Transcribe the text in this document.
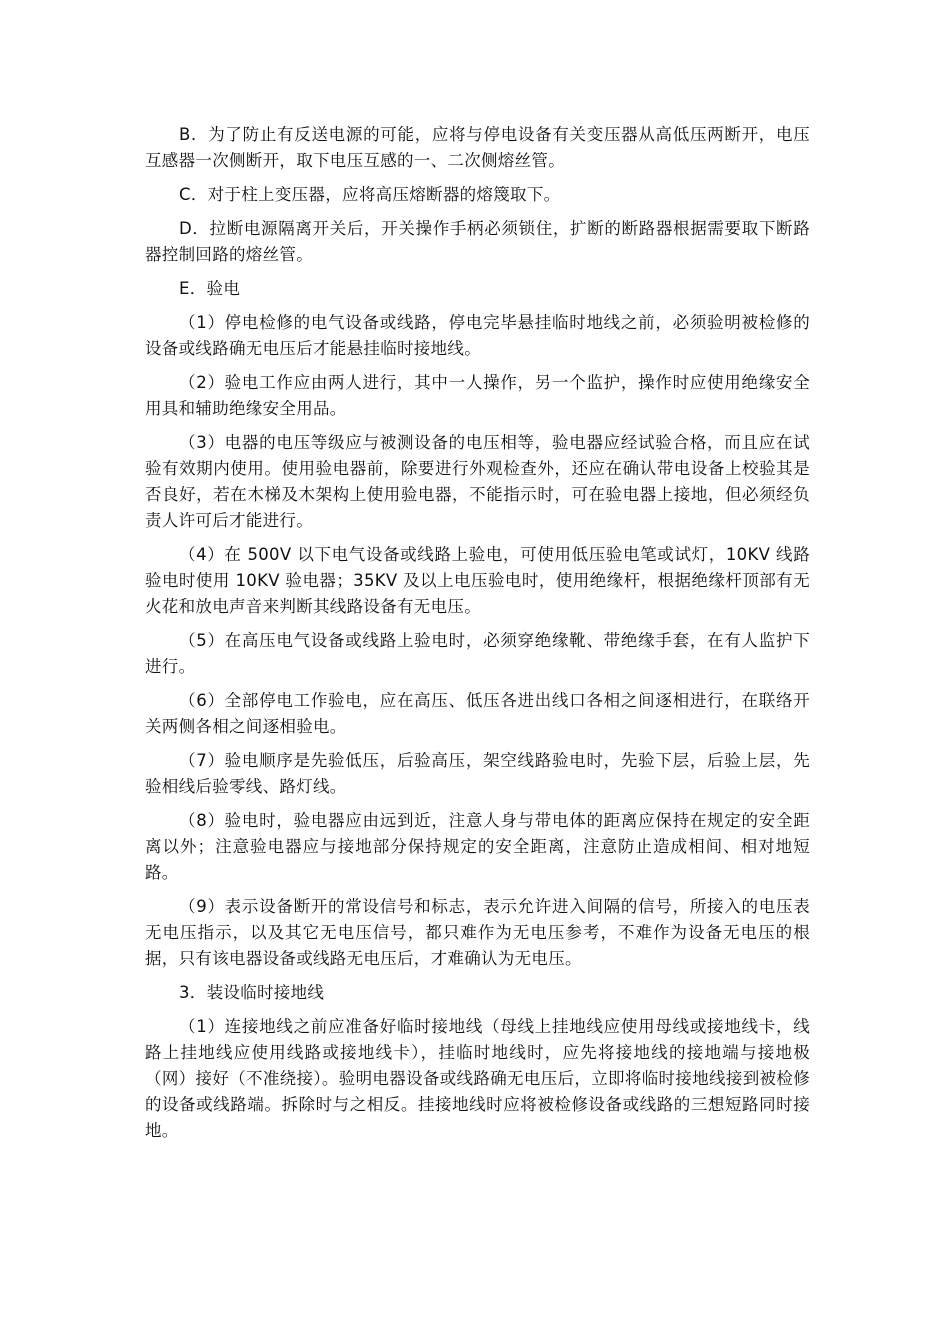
B．为了防止有反送电源的可能，应将与停电设备有关变压器从高低压两断开，电压互感器一次侧断开，取下电压互感的一、二次侧熔丝管。

C．对于柱上变压器，应将高压熔断器的熔篾取下。

D．拉断电源隔离开关后，开关操作手柄必须锁住，扩断的断路器根据需要取下断路器控制回路的熔丝管。

E．验电

（1）停电检修的电气设备或线路，停电完毕悬挂临时地线之前，必须验明被检修的设备或线路确无电压后才能悬挂临时接地线。

（2）验电工作应由两人进行，其中一人操作，另一个监护，操作时应使用绝缘安全用具和辅助绝缘安全用品。

（3）电器的电压等级应与被测设备的电压相等，验电器应经试验合格，而且应在试验有效期内使用。使用验电器前，除要进行外观检查外，还应在确认带电设备上校验其是否良好，若在木梯及木架构上使用验电器，不能指示时，可在验电器上接地，但必须经负责人许可后才能进行。

（4）在 500V 以下电气设备或线路上验电，可使用低压验电笔或试灯，10KV 线路验电时使用 10KV 验电器；35KV 及以上电压验电时，使用绝缘杆，根据绝缘杆顶部有无火花和放电声音来判断其线路设备有无电压。

（5）在高压电气设备或线路上验电时，必须穿绝缘靴、带绝缘手套，在有人监护下进行。

（6）全部停电工作验电，应在高压、低压各进出线口各相之间逐相进行，在联络开关两侧各相之间逐相验电。

（7）验电顺序是先验低压，后验高压，架空线路验电时，先验下层，后验上层，先验相线后验零线、路灯线。

（8）验电时，验电器应由远到近，注意人身与带电体的距离应保持在规定的安全距离以外；注意验电器应与接地部分保持规定的安全距离，注意防止造成相间、相对地短路。

（9）表示设备断开的常设信号和标志，表示允许进入间隔的信号，所接入的电压表无电压指示，以及其它无电压信号，都只难作为无电压参考，不难作为设备无电压的根据，只有该电器设备或线路无电压后，才难确认为无电压。

3．装设临时接地线

（1）连接地线之前应准备好临时接地线（母线上挂地线应使用母线或接地线卡，线路上挂地线应使用线路或接地线卡），挂临时地线时，应先将接地线的接地端与接地极（网）接好（不准绕接）。验明电器设备或线路确无电压后，立即将临时接地线接到被检修的设备或线路端。拆除时与之相反。挂接地线时应将被检修设备或线路的三想短路同时接地。
